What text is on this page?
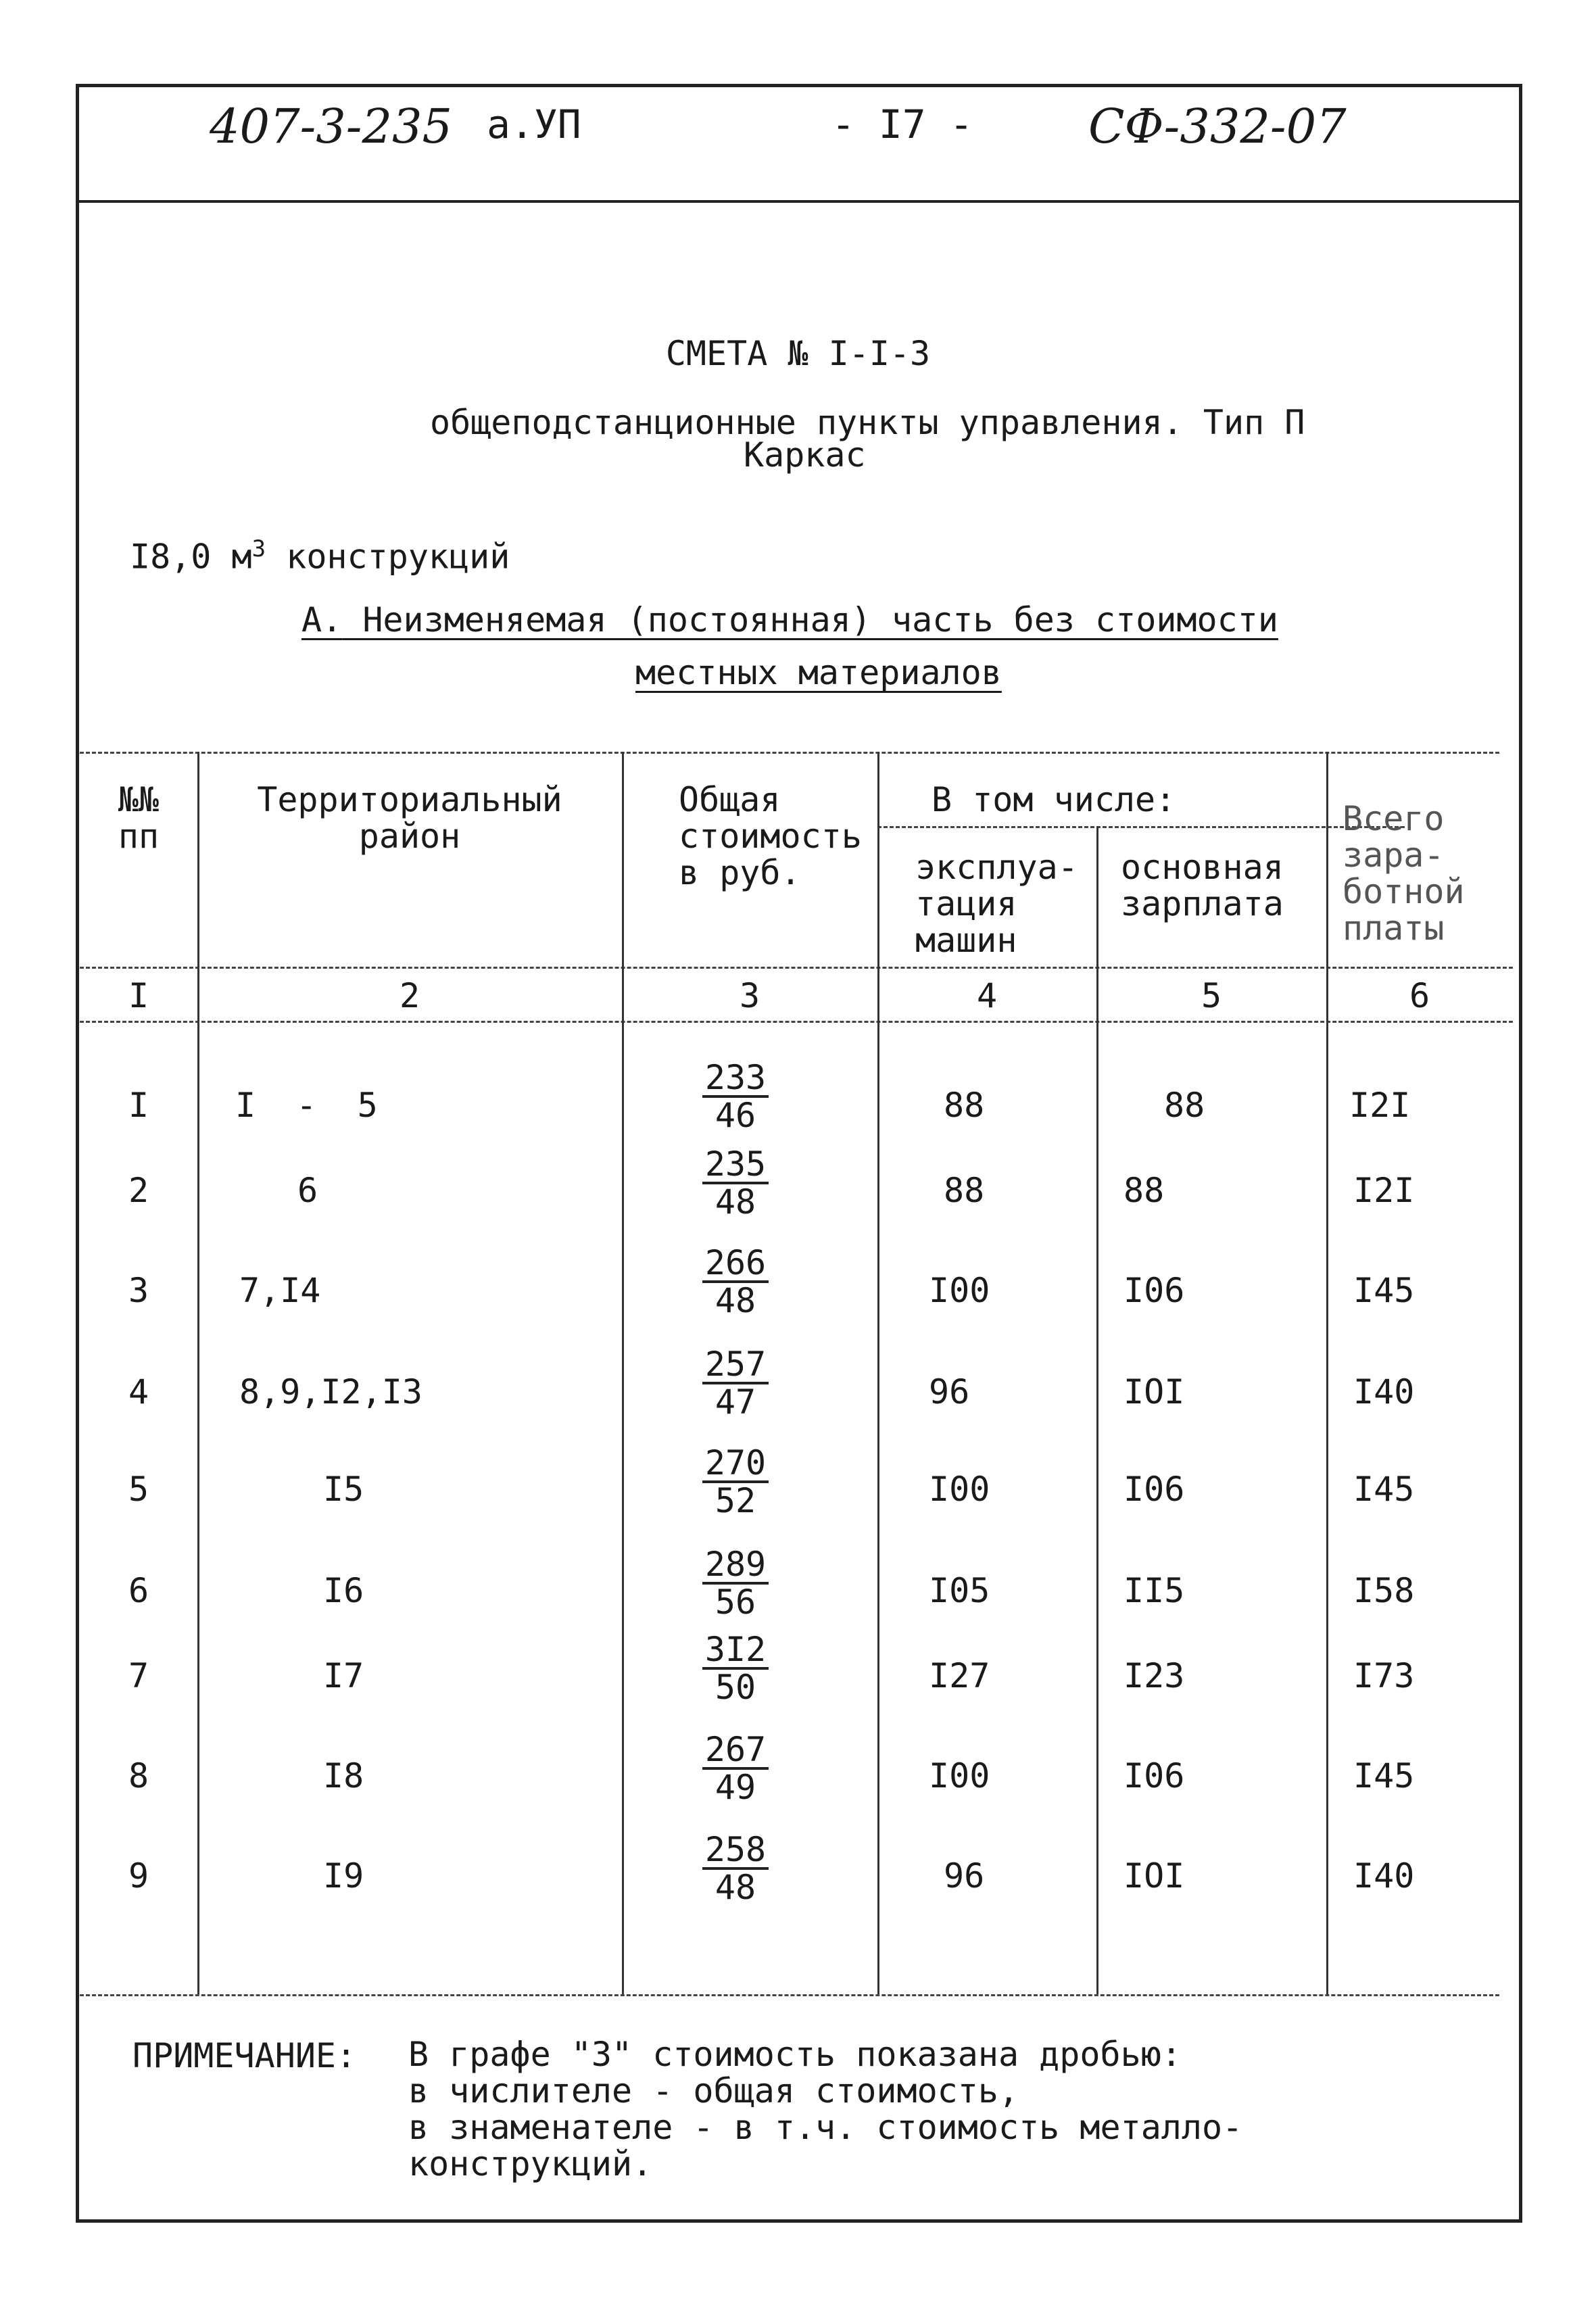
407-3-235 а.УП	- I7 - СФ-332-07
СМЕТА № I-I-3
общеподстанционные пункты управления. Тип П
Каркас
I8,0 $м^3$ конструкций
А. Неизменяемая (постоянная) часть без стоимости
местных материалов
№№
пп
Территориальный
район
Общая
стоимость
в руб.
В том числе:
эксплуа-
тация
машин
основная
зарплата
Всего
зара-
ботной
платы
I	2	3	4	5	6
I	I  -  5	$\frac{233}{46}$	88	88	I2I
2	6	$\frac{235}{48}$	88	88	I2I
3	7,I4	$\frac{266}{48}$	I00	I06	I45
4	8,9,I2,I3	$\frac{257}{47}$	96	IOI	I40
5	I5	$\frac{270}{52}$	I00	I06	I45
6	I6	$\frac{289}{56}$	I05	II5	I58
7	I7	$\frac{3I2}{50}$	I27	I23	I73
8	I8	$\frac{267}{49}$	I00	I06	I45
9	I9	$\frac{258}{48}$	96	IOI	I40
ПРИМЕЧАНИЕ: В графе "3" стоимость показана дробью:
в числителе - общая стоимость,
в знаменателе - в т.ч. стоимость металло-
конструкций.
